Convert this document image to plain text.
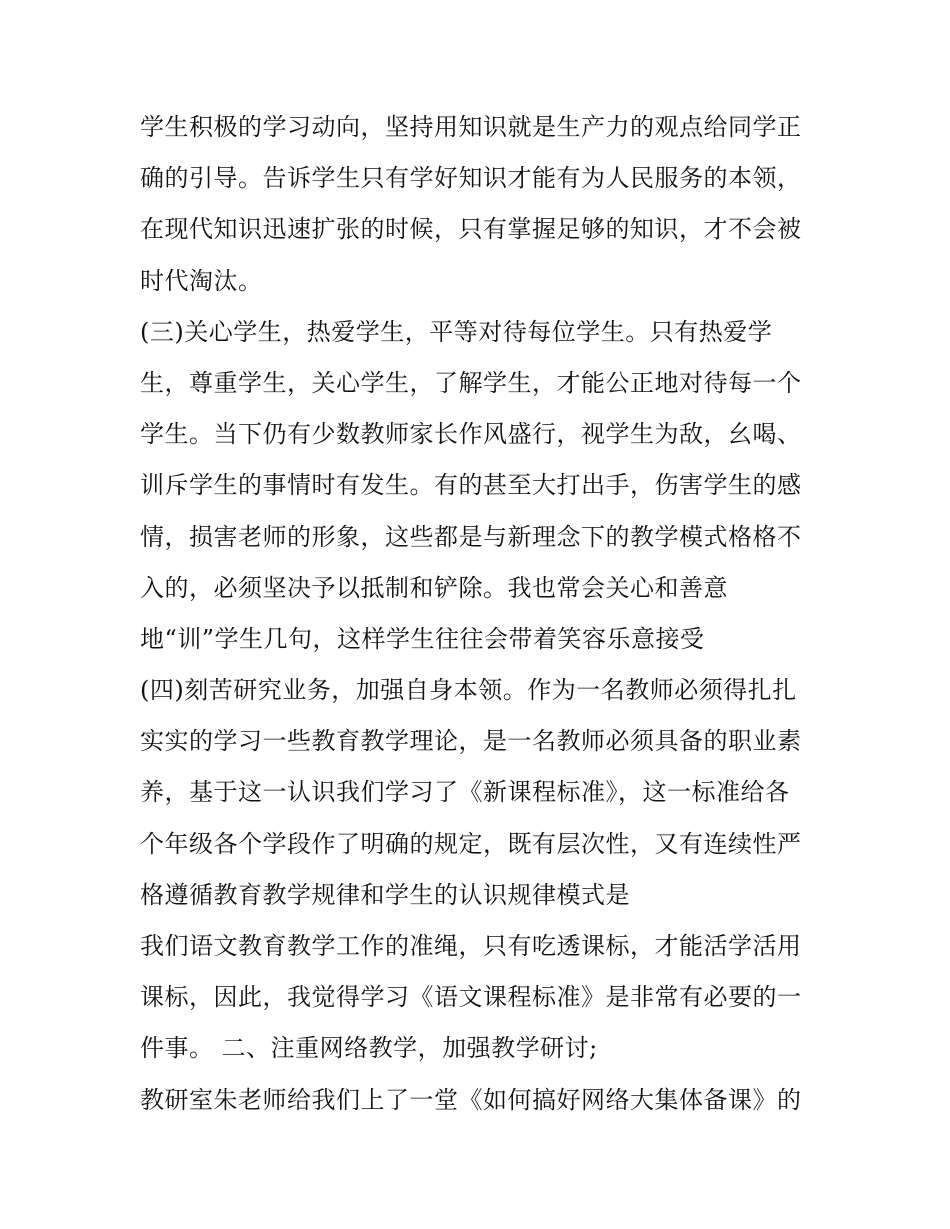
学生积极的学习动向，坚持用知识就是生产力的观点给同学正
确的引导。告诉学生只有学好知识才能有为人民服务的本领，
在现代知识迅速扩张的时候，只有掌握足够的知识，才不会被
时代淘汰。
(三)关心学生，热爱学生，平等对待每位学生。只有热爱学
生，尊重学生，关心学生，了解学生，才能公正地对待每一个
学生。当下仍有少数教师家长作风盛行，视学生为敌，幺喝、
训斥学生的事情时有发生。有的甚至大打出手，伤害学生的感
情，损害老师的形象，这些都是与新理念下的教学模式格格不
入的，必须坚决予以抵制和铲除。我也常会关心和善意
地“训”学生几句，这样学生往往会带着笑容乐意接受
(四)刻苦研究业务，加强自身本领。作为一名教师必须得扎扎
实实的学习一些教育教学理论，是一名教师必须具备的职业素
养，基于这一认识我们学习了《新课程标准》，这一标准给各
个年级各个学段作了明确的规定，既有层次性，又有连续性严
格遵循教育教学规律和学生的认识规律模式是
我们语文教育教学工作的准绳，只有吃透课标，才能活学活用
课标，因此，我觉得学习《语文课程标准》是非常有必要的一
件事。 二、注重网络教学，加强教学研讨;
教研室朱老师给我们上了一堂《如何搞好网络大集体备课》的
